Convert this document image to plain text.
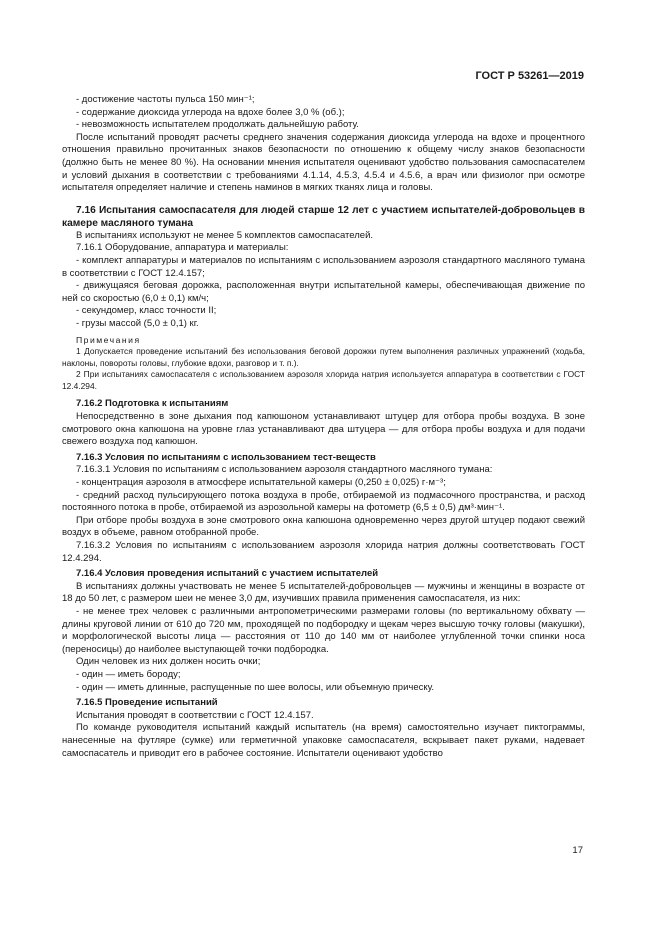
ГОСТ Р 53261—2019

- достижение частоты пульса 150 мин⁻¹;

- содержание диоксида углерода на вдохе более 3,0 % (об.);

- невозможность испытателем продолжать дальнейшую работу.

После испытаний проводят расчеты среднего значения содержания диоксида углерода на вдохе и процентного отношения правильно прочитанных знаков безопасности по отношению к общему числу знаков безопасности (должно быть не менее 80 %). На основании мнения испытателя оценивают удобство пользования самоспасателем и условий дыхания в соответствии с требованиями 4.1.14, 4.5.3, 4.5.4 и 4.5.6, а врач или физиолог при осмотре испытателя определяет наличие и степень наминов в мягких тканях лица и головы.

7.16 Испытания самоспасателя для людей старше 12 лет с участием испытателей-добровольцев в камере масляного тумана

В испытаниях используют не менее 5 комплектов самоспасателей.

7.16.1 Оборудование, аппаратура и материалы:

- комплект аппаратуры и материалов по испытаниям с использованием аэрозоля стандартного масляного тумана в соответствии с ГОСТ 12.4.157;

- движущаяся беговая дорожка, расположенная внутри испытательной камеры, обеспечивающая движение по ней со скоростью (6,0 ± 0,1) км/ч;

- секундомер, класс точности II;

- грузы массой (5,0 ± 0,1) кг.

Примечания

1 Допускается проведение испытаний без использования беговой дорожки путем выполнения различных упражнений (ходьба, наклоны, повороты головы, глубокие вдохи, разговор и т. п.).

2 При испытаниях самоспасателя с использованием аэрозоля хлорида натрия используется аппаратура в соответствии с ГОСТ 12.4.294.

7.16.2 Подготовка к испытаниям

Непосредственно в зоне дыхания под капюшоном устанавливают штуцер для отбора пробы воздуха. В зоне смотрового окна капюшона на уровне глаз устанавливают два штуцера — для отбора пробы воздуха и для подачи свежего воздуха под капюшон.

7.16.3 Условия по испытаниям с использованием тест-веществ

7.16.3.1 Условия по испытаниям с использованием аэрозоля стандартного масляного тумана:

- концентрация аэрозоля в атмосфере испытательной камеры (0,250 ± 0,025) г·м⁻³;

- средний расход пульсирующего потока воздуха в пробе, отбираемой из подмасочного пространства, и расход постоянного потока в пробе, отбираемой из аэрозольной камеры на фотометр (6,5 ± 0,5) дм³·мин⁻¹.

При отборе пробы воздуха в зоне смотрового окна капюшона одновременно через другой штуцер подают свежий воздух в объеме, равном отобранной пробе.

7.16.3.2 Условия по испытаниям с использованием аэрозоля хлорида натрия должны соответствовать ГОСТ 12.4.294.

7.16.4 Условия проведения испытаний с участием испытателей

В испытаниях должны участвовать не менее 5 испытателей-добровольцев — мужчины и женщины в возрасте от 18 до 50 лет, с размером шеи не менее 3,0 дм, изучивших правила применения самоспасателя, из них:

- не менее трех человек с различными антропометрическими размерами головы (по вертикальному обхвату — длины круговой линии от 610 до 720 мм, проходящей по подбородку и щекам через высшую точку головы (макушки), и морфологической высоты лица — расстояния от 110 до 140 мм от наиболее углубленной точки спинки носа (переносицы) до наиболее выступающей точки подбородка.

Один человек из них должен носить очки;

- один — иметь бороду;

- один — иметь длинные, распущенные по шее волосы, или объемную прическу.

7.16.5 Проведение испытаний

Испытания проводят в соответствии с ГОСТ 12.4.157.

По команде руководителя испытаний каждый испытатель (на время) самостоятельно изучает пиктограммы, нанесенные на футляре (сумке) или герметичной упаковке самоспасателя, вскрывает пакет руками, надевает самоспасатель и приводит его в рабочее состояние. Испытатели оценивают удобство

17
